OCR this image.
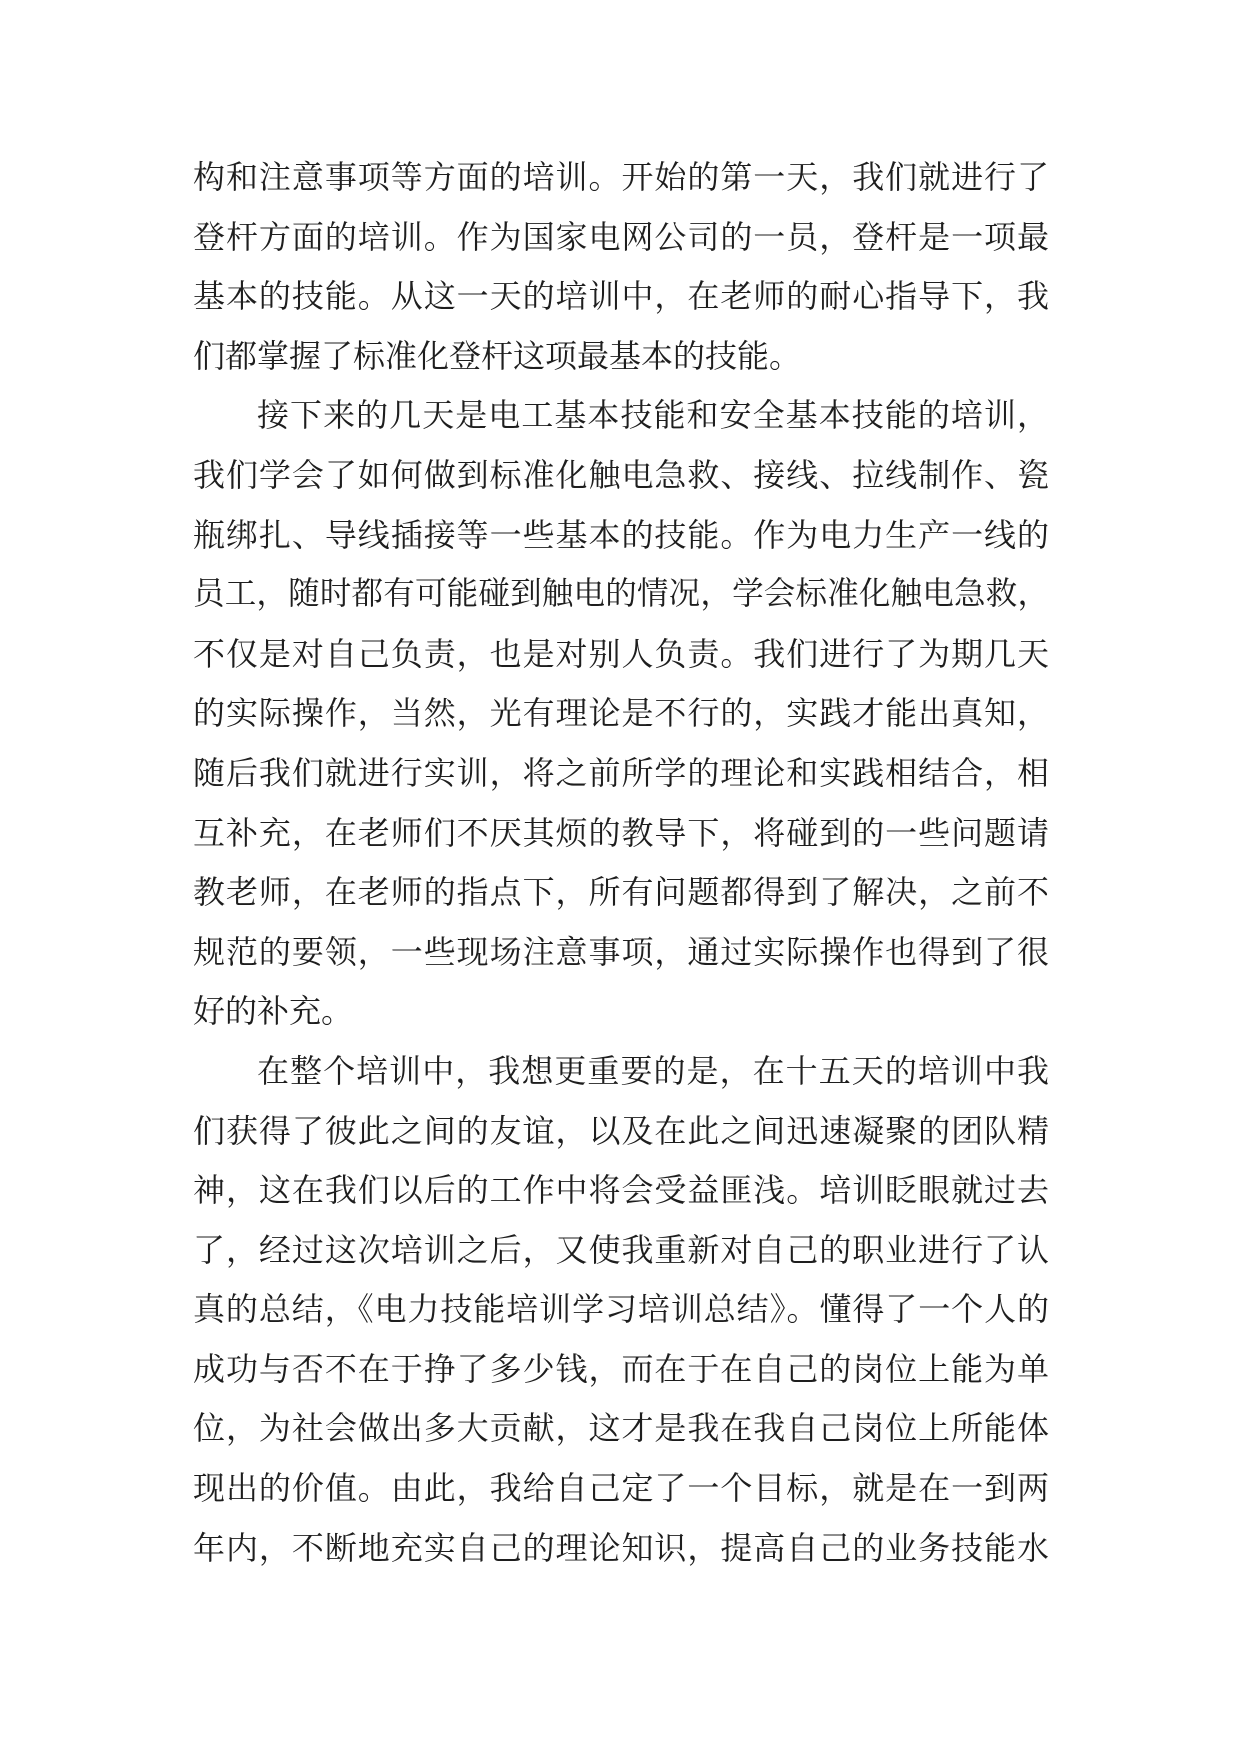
构和注意事项等方面的培训。开始的第一天，我们就进行了
登杆方面的培训。作为国家电网公司的一员，登杆是一项最
基本的技能。从这一天的培训中，在老师的耐心指导下，我
们都掌握了标准化登杆这项最基本的技能。
接下来的几天是电工基本技能和安全基本技能的培训，
我们学会了如何做到标准化触电急救、接线、拉线制作、瓷
瓶绑扎、导线插接等一些基本的技能。作为电力生产一线的
员工，随时都有可能碰到触电的情况，学会标准化触电急救，
不仅是对自己负责，也是对别人负责。我们进行了为期几天
的实际操作，当然，光有理论是不行的，实践才能出真知，
随后我们就进行实训，将之前所学的理论和实践相结合，相
互补充，在老师们不厌其烦的教导下，将碰到的一些问题请
教老师，在老师的指点下，所有问题都得到了解决，之前不
规范的要领，一些现场注意事项，通过实际操作也得到了很
好的补充。
在整个培训中，我想更重要的是，在十五天的培训中我
们获得了彼此之间的友谊，以及在此之间迅速凝聚的团队精
神，这在我们以后的工作中将会受益匪浅。培训眨眼就过去
了，经过这次培训之后，又使我重新对自己的职业进行了认
真的总结，《电力技能培训学习培训总结》。懂得了一个人的
成功与否不在于挣了多少钱，而在于在自己的岗位上能为单
位，为社会做出多大贡献，这才是我在我自己岗位上所能体
现出的价值。由此，我给自己定了一个目标，就是在一到两
年内，不断地充实自己的理论知识，提高自己的业务技能水
